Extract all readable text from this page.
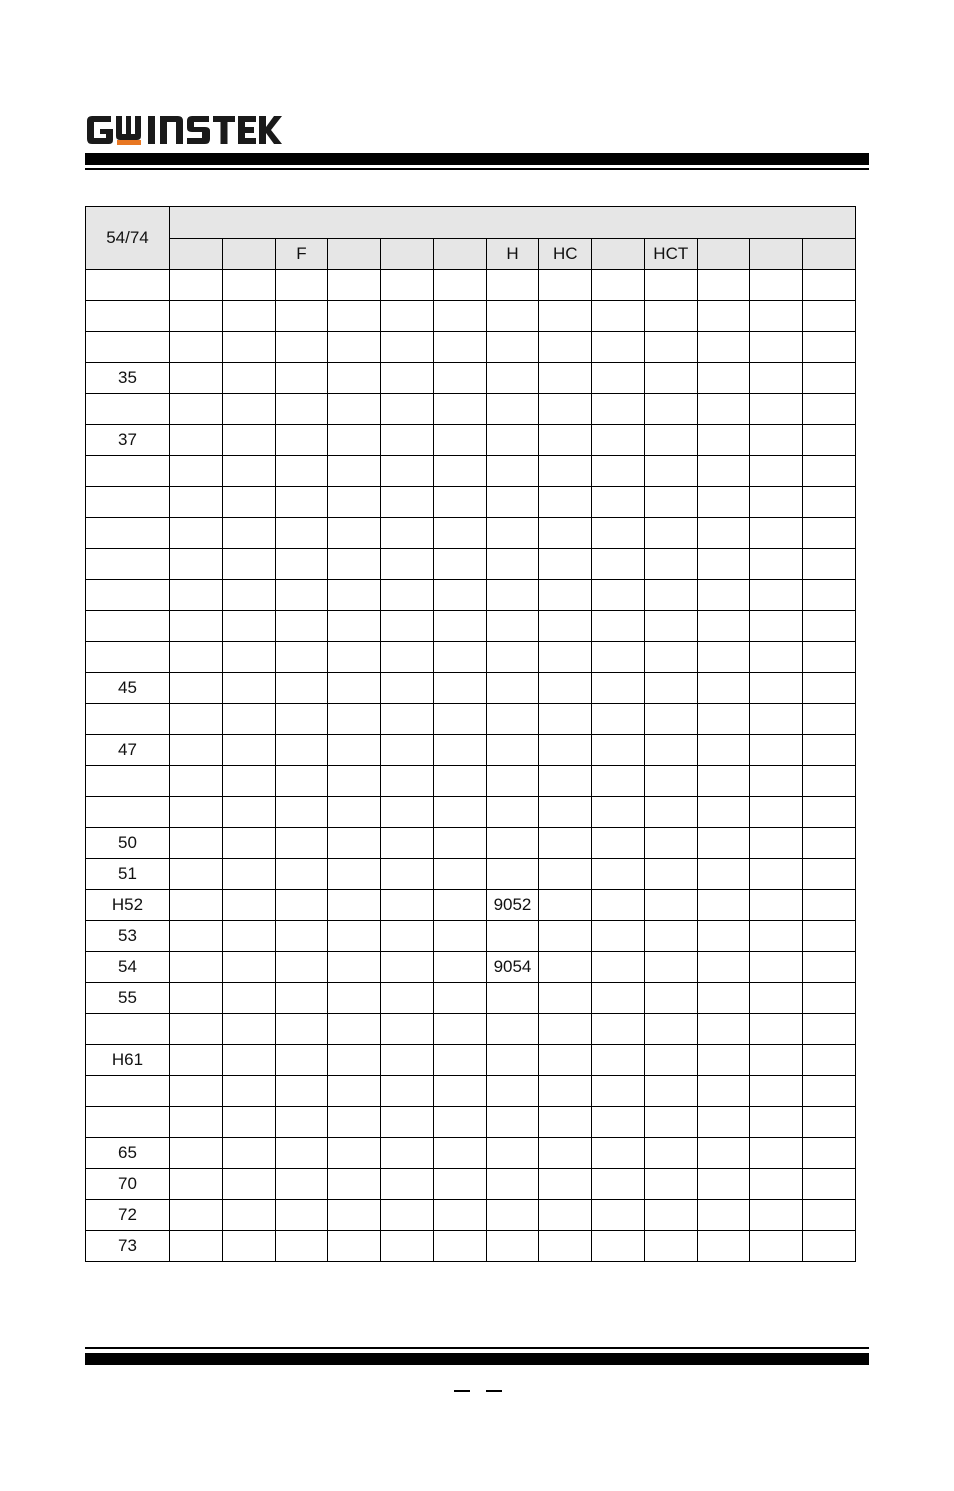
54/74													
			F				H	HC		HCT			

35													

37													

45													

47													

50													
51													
H52							9052						
53													
54							9054						
55													

H61													

65													
70													
72													
73													
